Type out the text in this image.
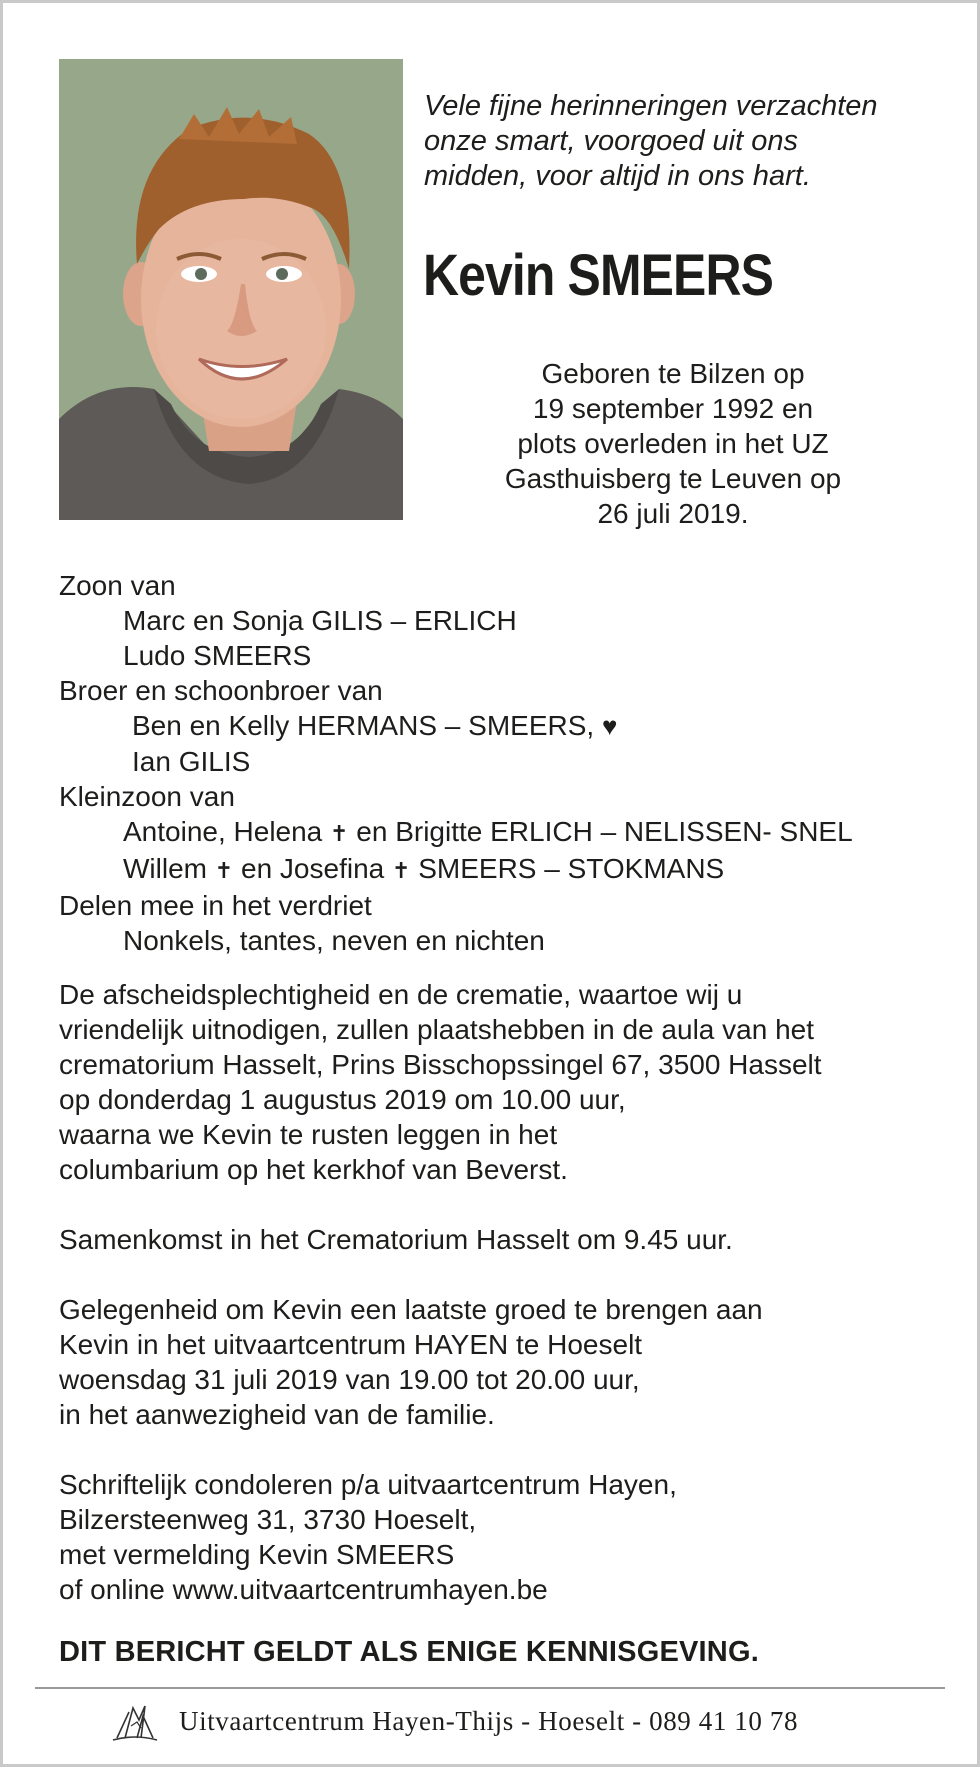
Vele fijne herinneringen verzachten
onze smart, voorgoed uit ons
midden, voor altijd in ons hart.
Kevin SMEERS
Geboren te Bilzen op
19 september 1992 en
plots overleden in het UZ
Gasthuisberg te Leuven op
26 juli 2019.
Zoon van
Marc en Sonja GILIS – ERLICH
Ludo SMEERS
Broer en schoonbroer van
Ben en Kelly HERMANS – SMEERS, ♥
Ian GILIS
Kleinzoon van
Antoine, Helena ✝ en Brigitte ERLICH – NELISSEN- SNEL
Willem ✝ en Josefina ✝ SMEERS – STOKMANS
Delen mee in het verdriet
Nonkels, tantes, neven en nichten

De afscheidsplechtigheid en de crematie, waartoe wij u
vriendelijk uitnodigen, zullen plaatshebben in de aula van het
crematorium Hasselt, Prins Bisschopssingel 67, 3500 Hasselt
op donderdag 1 augustus 2019 om 10.00 uur,
waarna we Kevin te rusten leggen in het
columbarium op het kerkhof van Beverst.

Samenkomst in het Crematorium Hasselt om 9.45 uur.

Gelegenheid om Kevin een laatste groed te brengen aan
Kevin in het uitvaartcentrum HAYEN te Hoeselt
woensdag 31 juli 2019 van 19.00 tot 20.00 uur,
in het aanwezigheid van de familie.

Schriftelijk condoleren p/a uitvaartcentrum Hayen,
Bilzersteenweg 31, 3730 Hoeselt,
met vermelding Kevin SMEERS
of online www.uitvaartcentrumhayen.be

DIT BERICHT GELDT ALS ENIGE KENNISGEVING.
Uitvaartcentrum Hayen-Thijs - Hoeselt - 089 41 10 78
